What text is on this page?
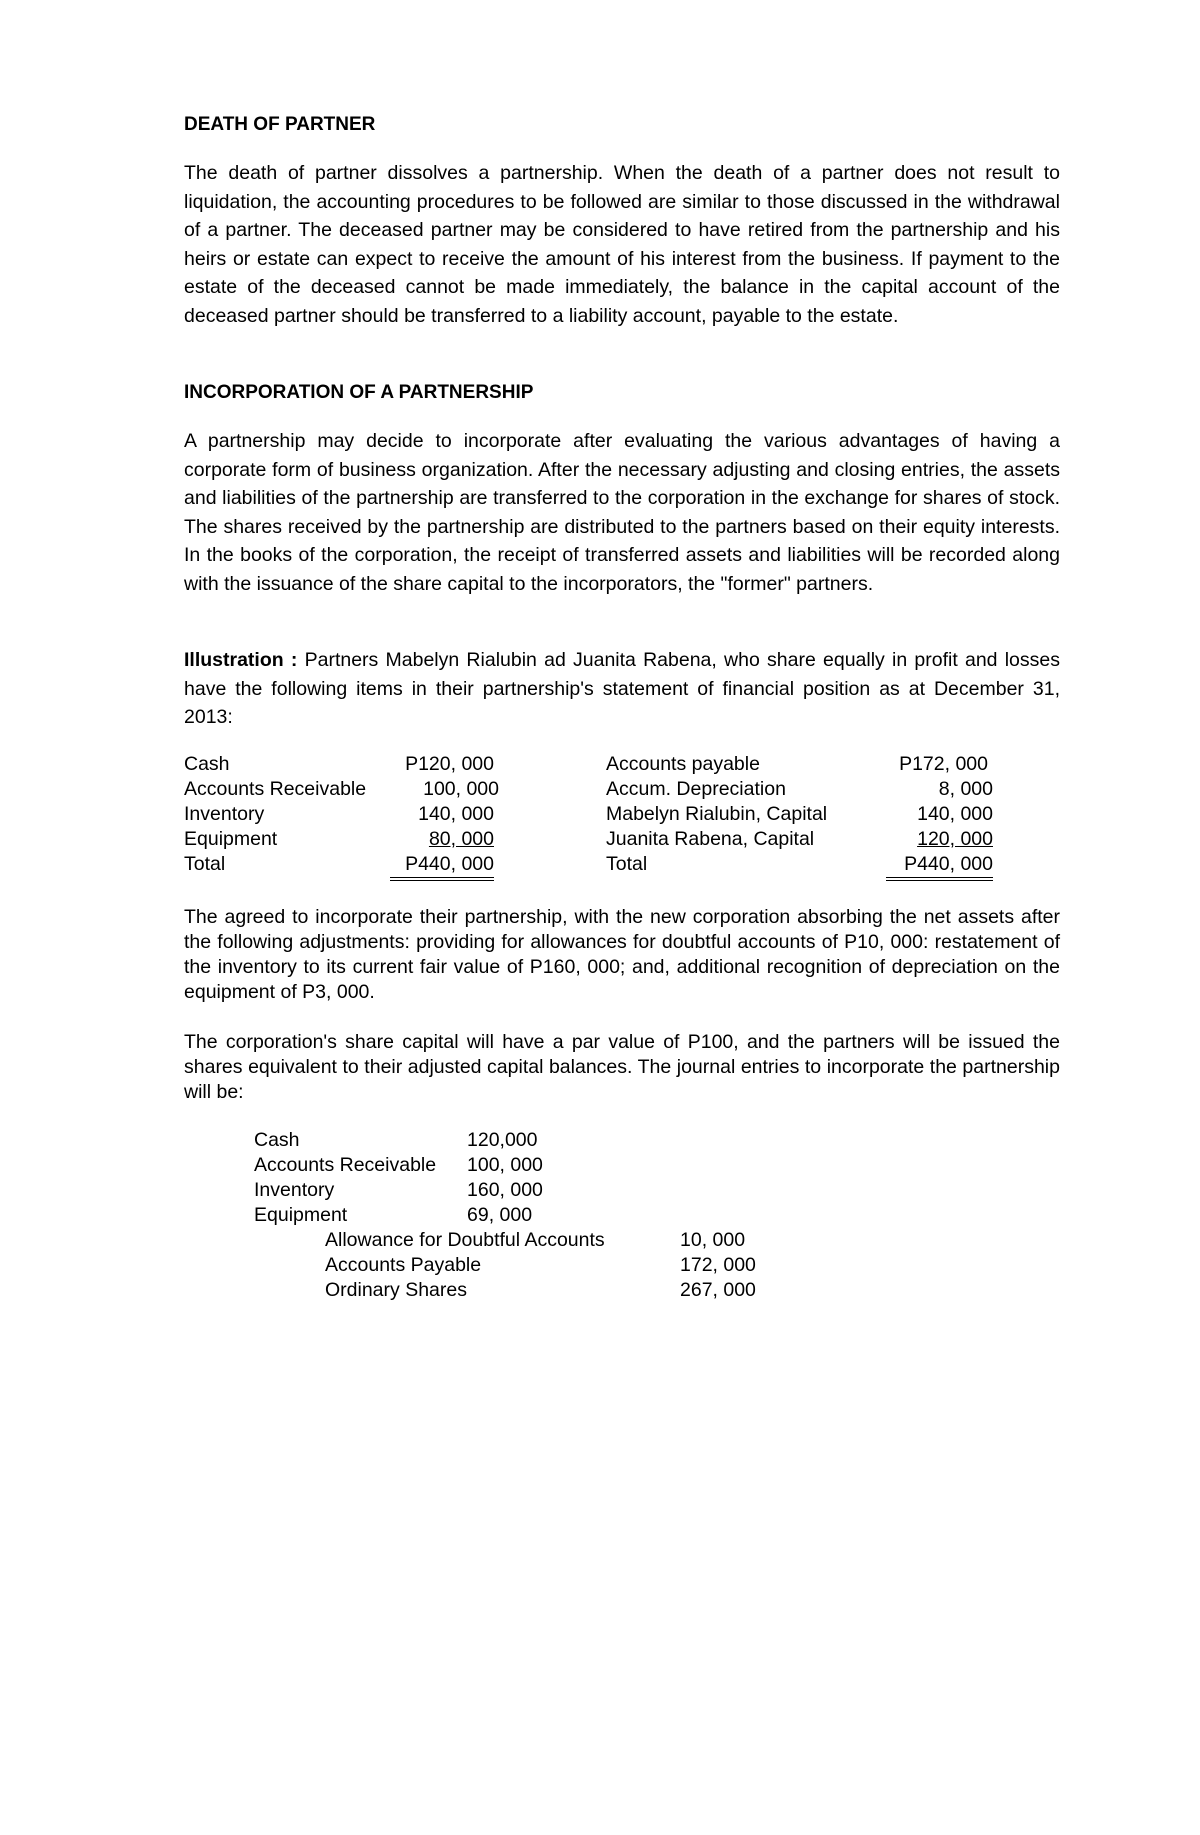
DEATH OF PARTNER
The death of partner dissolves a partnership. When the death of a partner does not result to liquidation, the accounting procedures to be followed are similar to those discussed in the withdrawal of a partner. The deceased partner may be considered to have retired from the partnership and his heirs or estate can expect to receive the amount of his interest from the business. If payment to the estate of the deceased cannot be made immediately, the balance in the capital account of the deceased partner should be transferred to a liability account, payable to the estate.
INCORPORATION OF A PARTNERSHIP
A partnership may decide to incorporate after evaluating the various advantages of having a corporate form of business organization. After the necessary adjusting and closing entries, the assets and liabilities of the partnership are transferred to the corporation in the exchange for shares of stock. The shares received by the partnership are distributed to the partners based on their equity interests. In the books of the corporation, the receipt of transferred assets and liabilities will be recorded along with the issuance of the share capital to the incorporators, the "former" partners.
Illustration : Partners Mabelyn Rialubin ad Juanita Rabena, who share equally in profit and losses have the following items in their partnership's statement of financial position as at December 31, 2013:
Cash	P120, 000
Accounts Receivable	100, 000
Inventory	140, 000
Equipment	80, 000
Total	P440, 000
Accounts payable	P172, 000
Accum. Depreciation	8, 000
Mabelyn Rialubin, Capital	140, 000
Juanita Rabena, Capital	120, 000
Total	P440, 000
The agreed to incorporate their partnership, with the new corporation absorbing the net assets after the following adjustments: providing for allowances for doubtful accounts of P10, 000: restatement of the inventory to its current fair value of P160, 000; and, additional recognition of depreciation on the equipment of P3, 000.
The corporation's share capital will have a par value of P100, and the partners will be issued the shares equivalent to their adjusted capital balances. The journal entries to incorporate the partnership will be:
Cash	120,000
Accounts Receivable 100, 000
Inventory	160, 000
Equipment	69, 000
Allowance for Doubtful Accounts	10, 000
Accounts Payable	172, 000
Ordinary Shares	267, 000
